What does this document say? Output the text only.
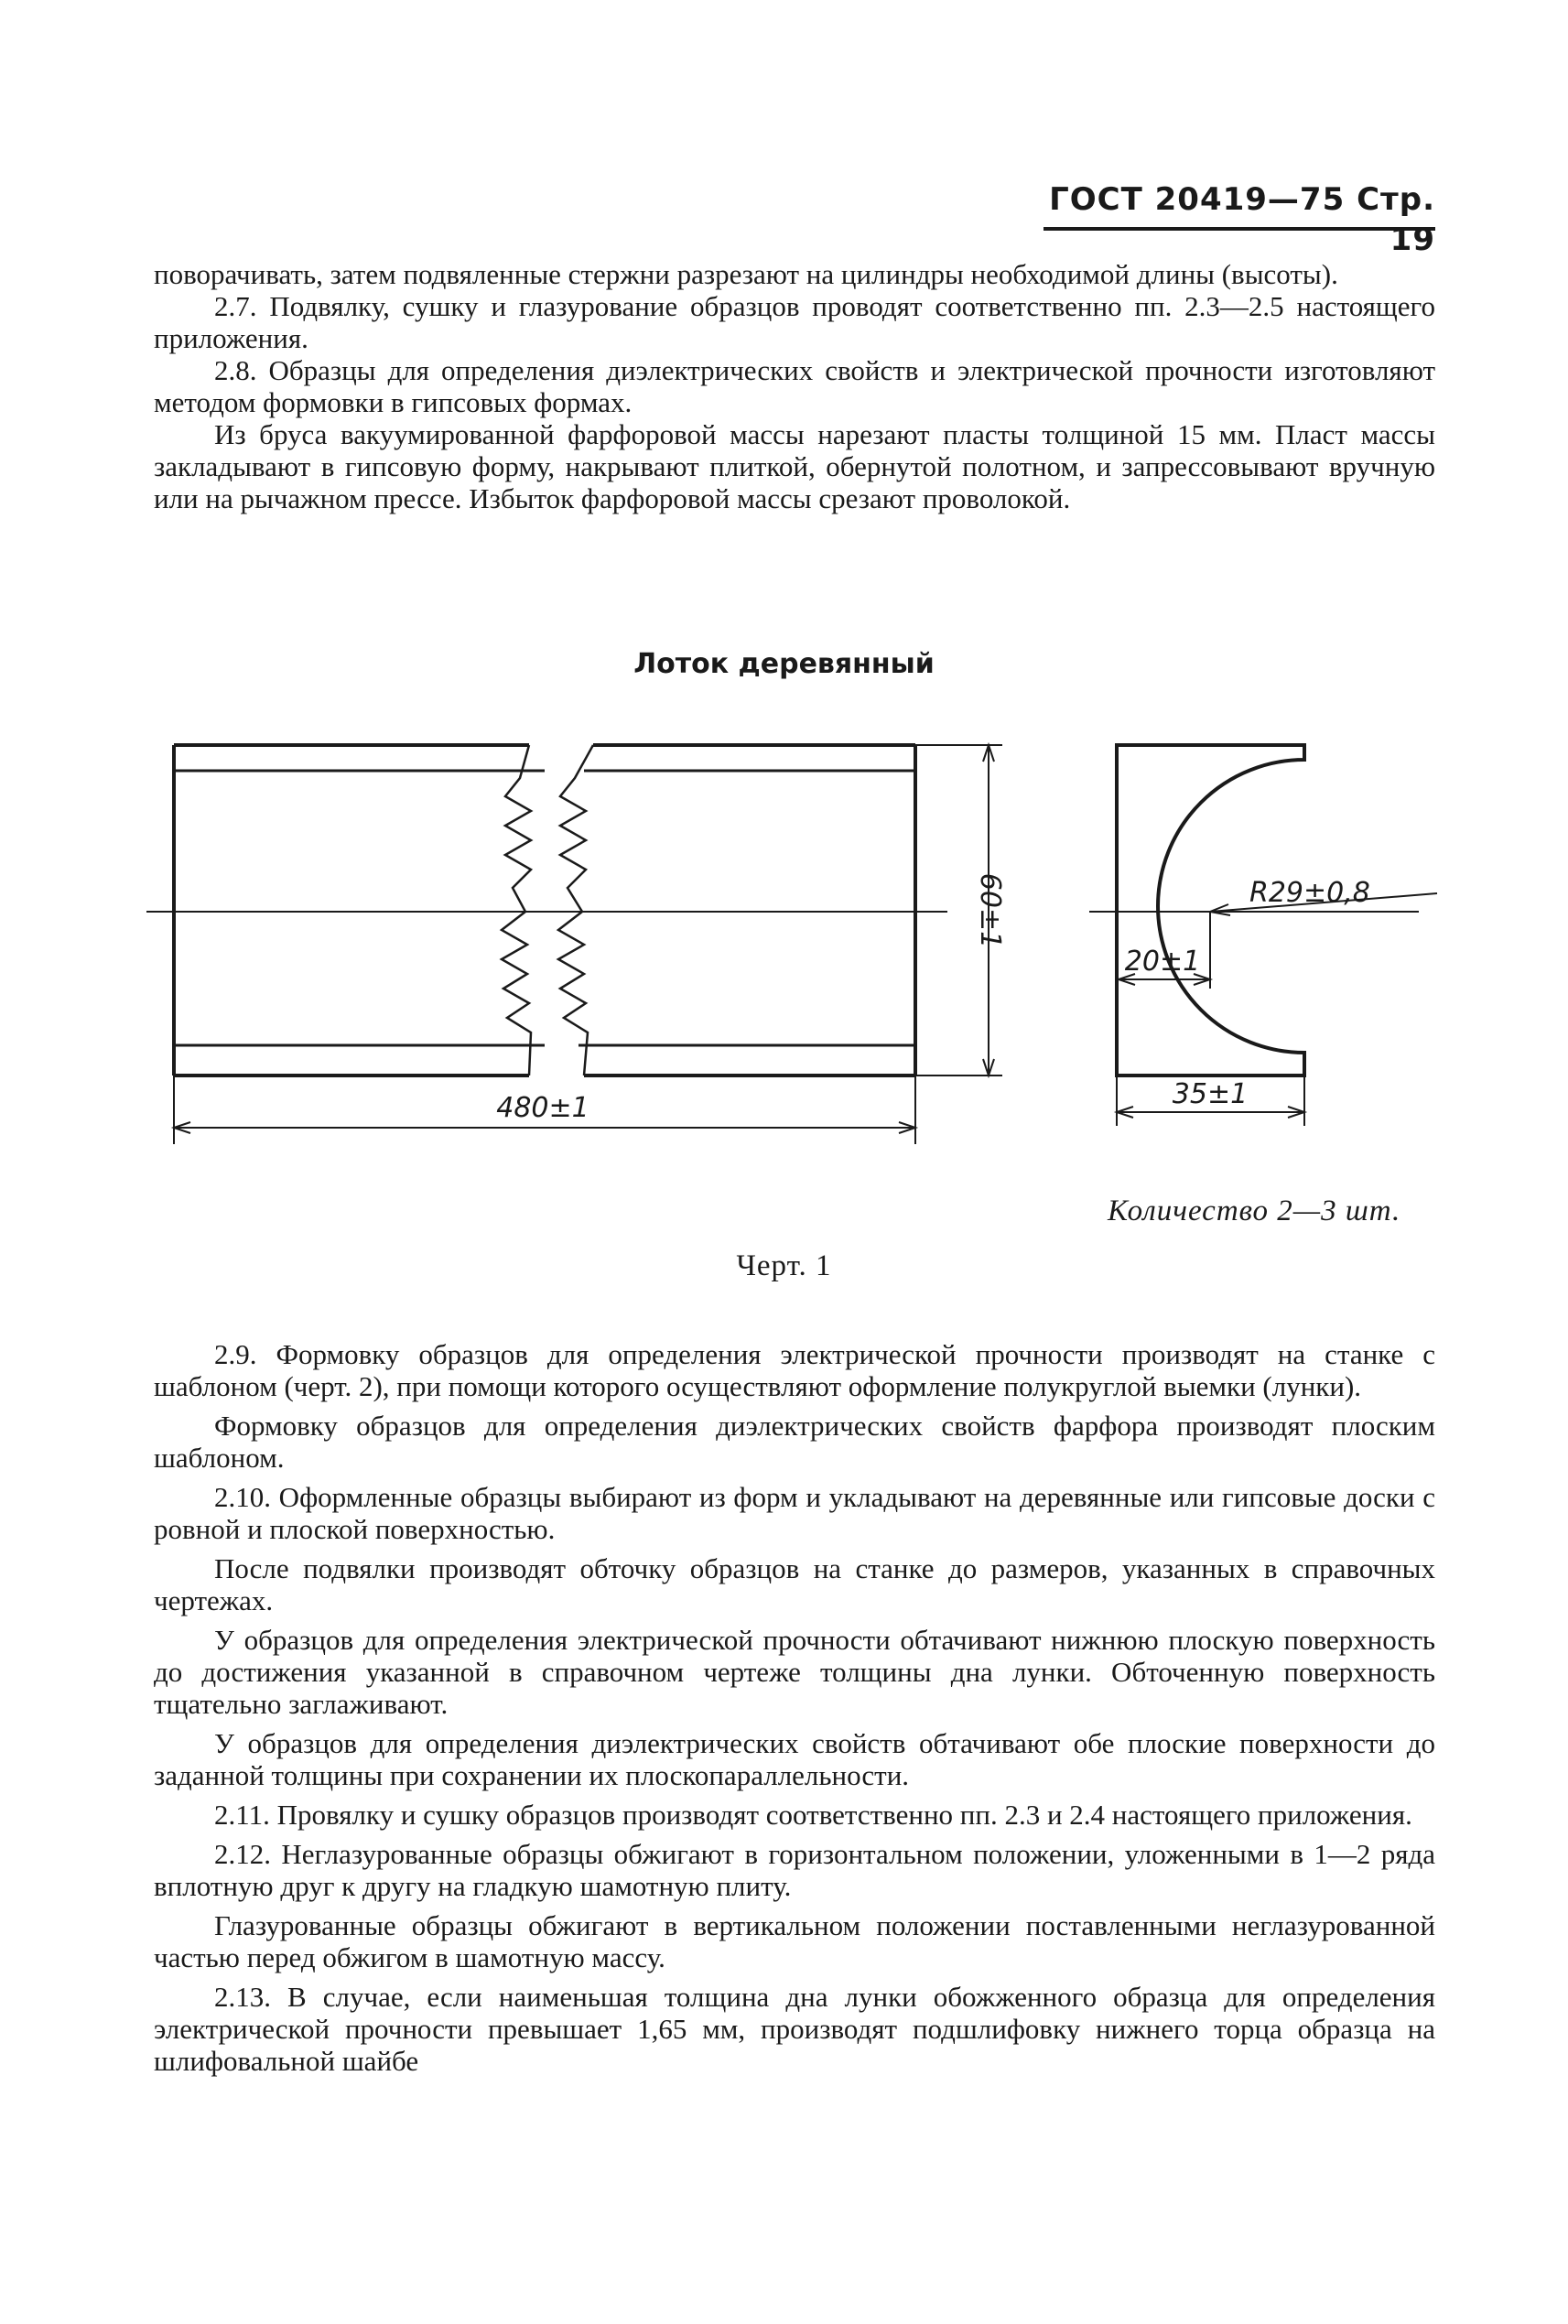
ГОСТ 20419—75 Стр. 19

поворачивать, затем подвяленные стержни разрезают на цилиндры необходимой длины (высоты).

2.7. Подвялку, сушку и глазурование образцов проводят соответственно пп. 2.3—2.5 настоящего приложения.

2.8. Образцы для определения диэлектрических свойств и электрической прочности изготовляют методом формовки в гипсовых формах.

Из бруса вакуумированной фарфоровой массы нарезают пласты толщиной 15 мм. Пласт массы закладывают в гипсовую форму, накрывают плиткой, обернутой полотном, и запрессовывают вручную или на рычажном прессе. Избыток фарфоровой массы срезают проволокой.

Лоток деревянный
60±1
480±1
R29±0,8
20±1
35±1
Количество 2—3 шт.
Черт. 1

2.9. Формовку образцов для определения электрической прочности производят на станке с шаблоном (черт. 2), при помощи которого осуществляют оформление полукруглой выемки (лунки).

Формовку образцов для определения диэлектрических свойств фарфора производят плоским шаблоном.

2.10. Оформленные образцы выбирают из форм и укладывают на деревянные или гипсовые доски с ровной и плоской поверхностью.

После подвялки производят обточку образцов на станке до размеров, указанных в справочных чертежах.

У образцов для определения электрической прочности обтачивают нижнюю плоскую поверхность до достижения указанной в справочном чертеже толщины дна лунки. Обточенную поверхность тщательно заглаживают.

У образцов для определения диэлектрических свойств обтачивают обе плоские поверхности до заданной толщины при сохранении их плоскопараллельности.

2.11. Провялку и сушку образцов производят соответственно пп. 2.3 и 2.4 настоящего приложения.

2.12. Неглазурованные образцы обжигают в горизонтальном положении, уложенными в 1—2 ряда вплотную друг к другу на гладкую шамотную плиту.

Глазурованные образцы обжигают в вертикальном положении поставленными неглазурованной частью перед обжигом в шамотную массу.

2.13. В случае, если наименьшая толщина дна лунки обожженного образца для определения электрической прочности превышает 1,65 мм, производят подшлифовку нижнего торца образца на шлифовальной шайбе
